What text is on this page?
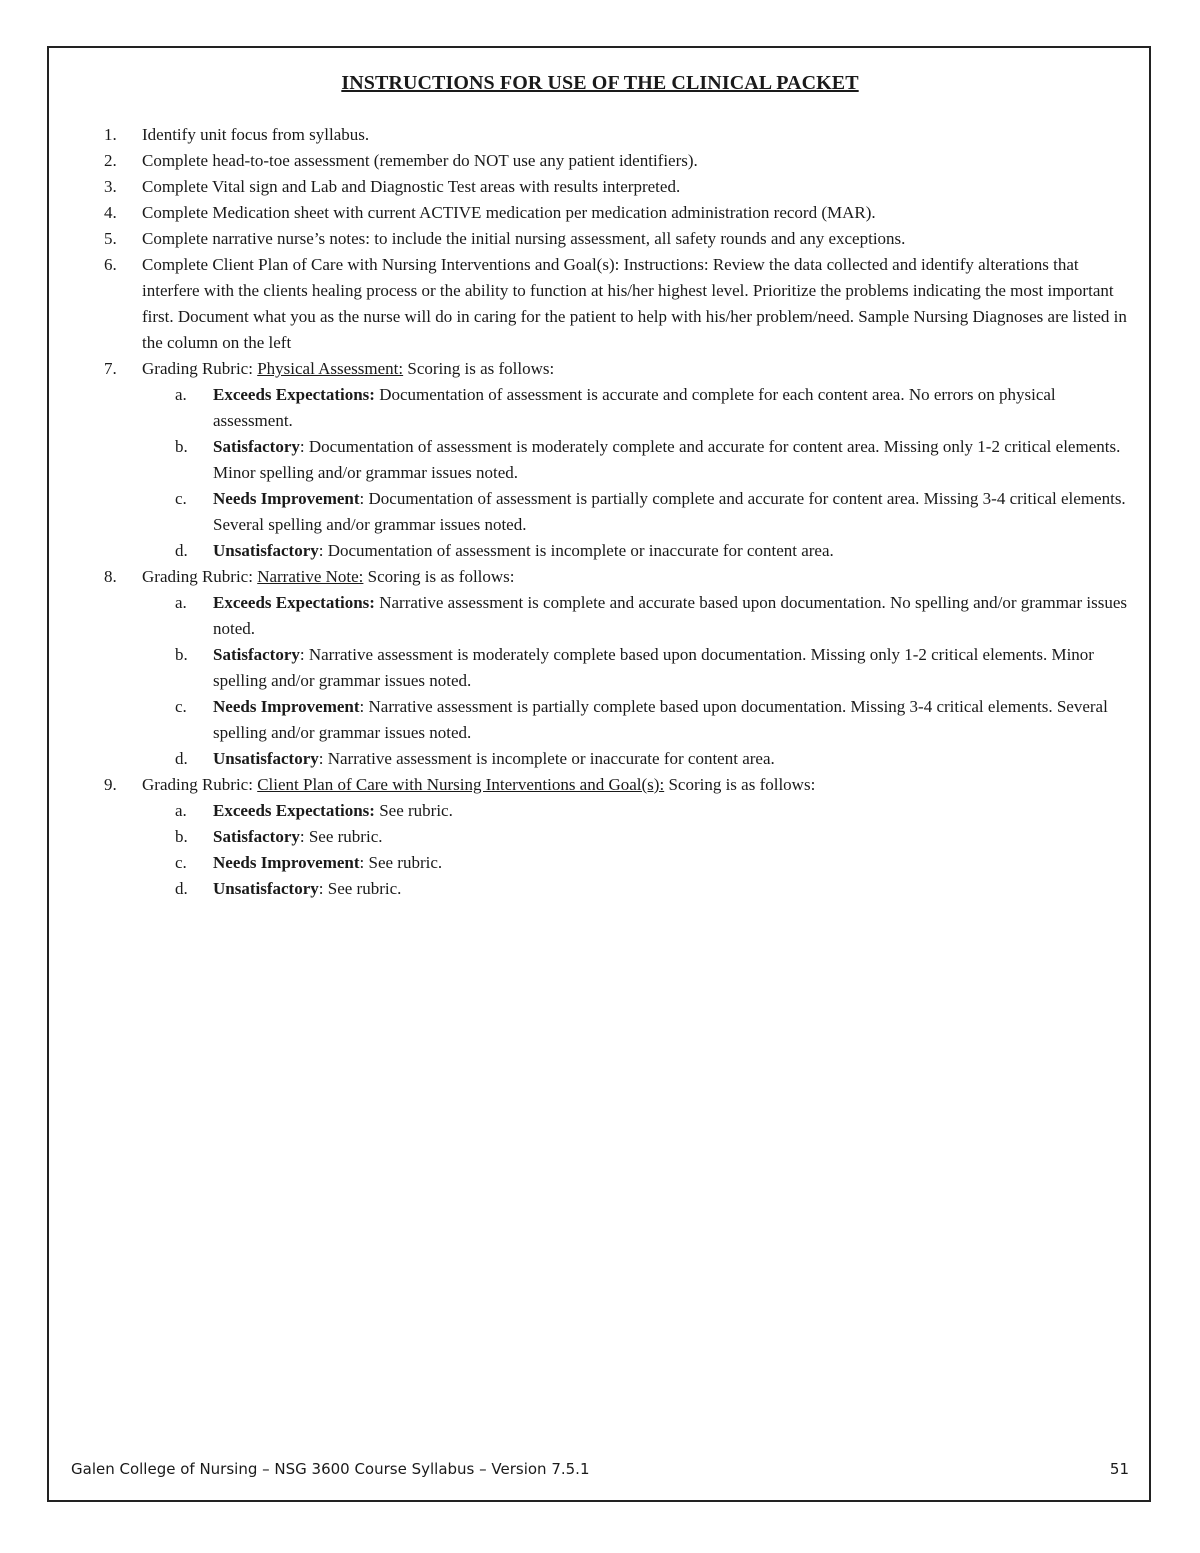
INSTRUCTIONS FOR USE OF THE CLINICAL PACKET
1.	Identify unit focus from syllabus.
2.	Complete head-to-toe assessment (remember do NOT use any patient identifiers).
3.	Complete Vital sign and Lab and Diagnostic Test areas with results interpreted.
4.	Complete Medication sheet with current ACTIVE medication per medication administration record (MAR).
5.	Complete narrative nurse’s notes: to include the initial nursing assessment, all safety rounds and any exceptions.
6.	Complete Client Plan of Care with Nursing Interventions and Goal(s): Instructions: Review the data collected and identify alterations that interfere with the clients healing process or the ability to function at his/her highest level. Prioritize the problems indicating the most important first. Document what you as the nurse will do in caring for the patient to help with his/her problem/need. Sample Nursing Diagnoses are listed in the column on the left
7.	Grading Rubric: Physical Assessment: Scoring is as follows:
a. Exceeds Expectations: Documentation of assessment is accurate and complete for each content area. No errors on physical assessment.
b. Satisfactory: Documentation of assessment is moderately complete and accurate for content area. Missing only 1-2 critical elements. Minor spelling and/or grammar issues noted.
c. Needs Improvement: Documentation of assessment is partially complete and accurate for content area. Missing 3-4 critical elements. Several spelling and/or grammar issues noted.
d. Unsatisfactory: Documentation of assessment is incomplete or inaccurate for content area.
8.	Grading Rubric: Narrative Note: Scoring is as follows:
a. Exceeds Expectations: Narrative assessment is complete and accurate based upon documentation. No spelling and/or grammar issues noted.
b. Satisfactory: Narrative assessment is moderately complete based upon documentation. Missing only 1-2 critical elements. Minor spelling and/or grammar issues noted.
c. Needs Improvement: Narrative assessment is partially complete based upon documentation. Missing 3-4 critical elements. Several spelling and/or grammar issues noted.
d. Unsatisfactory: Narrative assessment is incomplete or inaccurate for content area.
9.	Grading Rubric: Client Plan of Care with Nursing Interventions and Goal(s): Scoring is as follows:
a. Exceeds Expectations: See rubric.
b. Satisfactory: See rubric.
c. Needs Improvement: See rubric.
d. Unsatisfactory: See rubric.
Galen College of Nursing – NSG 3600 Course Syllabus – Version 7.5.1	51
